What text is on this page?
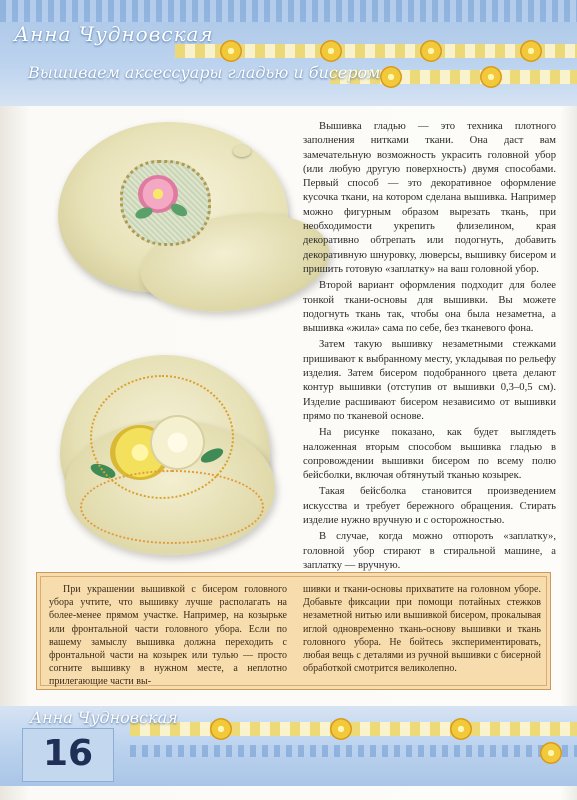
Анна Чудновская
Вышиваем аксессуары гладью и бисером

Вышивка гладью — это техника плотного заполнения нитками ткани. Она даст вам замечательную возможность украсить головной убор (или любую другую поверхность) двумя способами. Первый способ — это декоративное оформление кусочка ткани, на котором сделана вышивка. Например можно фигурным образом вырезать ткань, при необходимости укрепить флизелином, края декоративно обтрепать или подогнуть, добавить декоративную шнуровку, люверсы, вышивку бисером и пришить готовую «заплатку» на ваш головной убор.

Второй вариант оформления подходит для более тонкой ткани-основы для вышивки. Вы можете подогнуть ткань так, чтобы она была незаметна, а вышивка «жила» сама по себе, без тканевого фона.

Затем такую вышивку незаметными стежками пришивают к выбранному месту, укладывая по рельефу изделия. Затем бисером подобранного цвета делают контур вышивки (отступив от вышивки 0,3–0,5 см). Изделие расшивают бисером независимо от вышивки прямо по тканевой основе.

На рисунке показано, как будет выглядеть наложенная вторым способом вышивка гладью в сопровождении вышивки бисером по всему полю бейсболки, включая обтянутый тканью козырек.

Такая бейсболка становится произведением искусства и требует бережного обращения. Стирать изделие нужно вручную и с осторожностью.

В случае, когда можно отпороть «заплатку», головной убор стирают в стиральной машине, а заплатку — вручную.

При украшении вышивкой с бисером головного убора учтите, что вышивку лучше располагать на более-менее прямом участке. Например, на козырьке или фронтальной части головного убора. Если по вашему замыслу вышивка должна переходить с фронтальной части на козырек или тулью — просто согните вышивку в нужном месте, а неплотно прилегающие части вы-
шивки и ткани-основы прихватите на головном уборе. Добавьте фиксации при помощи потайных стежков незаметной нитью или вышивкой бисером, прокалывая иглой одновременно ткань-основу вышивки и ткань головного убора. Не бойтесь экспериментировать, любая вещь с деталями из ручной вышивки с бисерной обработкой смотрится великолепно.
Анна Чудновская
16
